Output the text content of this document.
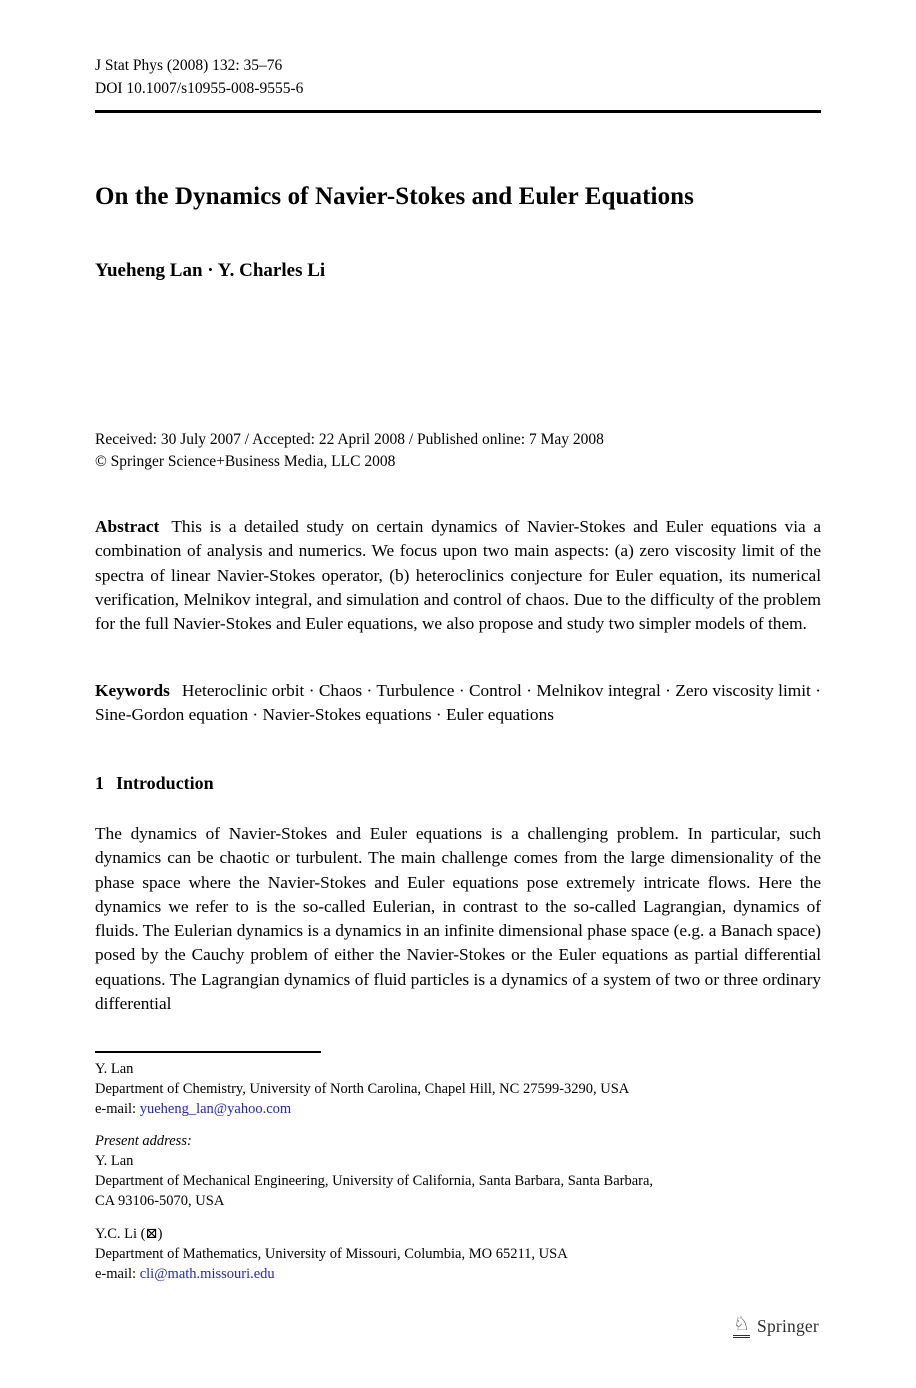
J Stat Phys (2008) 132: 35–76
DOI 10.1007/s10955-008-9555-6
On the Dynamics of Navier-Stokes and Euler Equations
Yueheng Lan · Y. Charles Li
Received: 30 July 2007 / Accepted: 22 April 2008 / Published online: 7 May 2008
© Springer Science+Business Media, LLC 2008

Abstract This is a detailed study on certain dynamics of Navier-Stokes and Euler equations via a combination of analysis and numerics. We focus upon two main aspects: (a) zero viscosity limit of the spectra of linear Navier-Stokes operator, (b) heteroclinics conjecture for Euler equation, its numerical verification, Melnikov integral, and simulation and control of chaos. Due to the difficulty of the problem for the full Navier-Stokes and Euler equations, we also propose and study two simpler models of them.

Keywords Heteroclinic orbit · Chaos · Turbulence · Control · Melnikov integral · Zero viscosity limit · Sine-Gordon equation · Navier-Stokes equations · Euler equations

1 Introduction

The dynamics of Navier-Stokes and Euler equations is a challenging problem. In particular, such dynamics can be chaotic or turbulent. The main challenge comes from the large dimensionality of the phase space where the Navier-Stokes and Euler equations pose extremely intricate flows. Here the dynamics we refer to is the so-called Eulerian, in contrast to the so-called Lagrangian, dynamics of fluids. The Eulerian dynamics is a dynamics in an infinite dimensional phase space (e.g. a Banach space) posed by the Cauchy problem of either the Navier-Stokes or the Euler equations as partial differential equations. The Lagrangian dynamics of fluid particles is a dynamics of a system of two or three ordinary differential

Y. Lan
Department of Chemistry, University of North Carolina, Chapel Hill, NC 27599-3290, USA
e-mail: yueheng_lan@yahoo.com
Present address:
Y. Lan
Department of Mechanical Engineering, University of California, Santa Barbara, Santa Barbara,
CA 93106-5070, USA
Y.C. Li (⊠)
Department of Mathematics, University of Missouri, Columbia, MO 65211, USA
e-mail: cli@math.missouri.edu
♘ Springer
